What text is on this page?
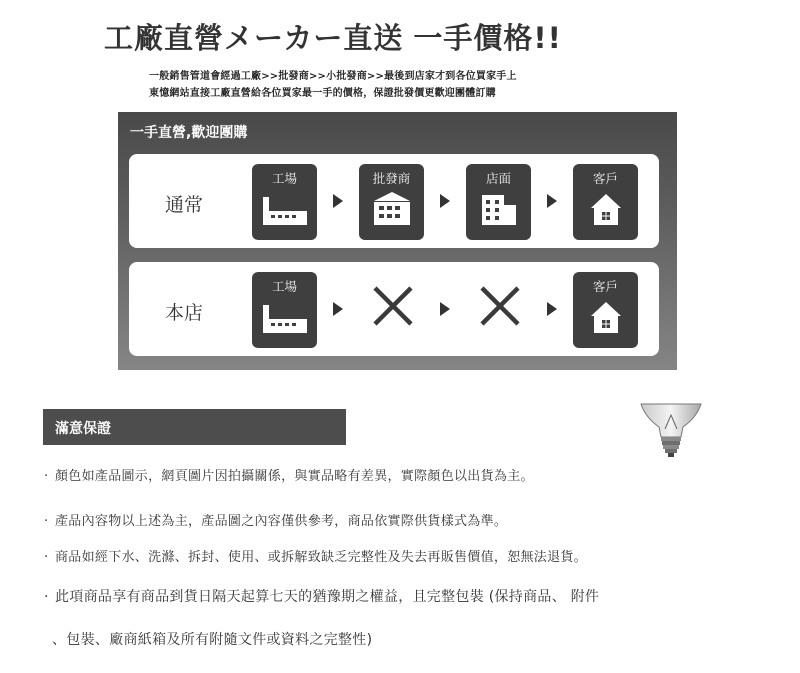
工廠直營メーカー直送 一手價格!!
一般銷售管道會經過工廠>>批發商>>小批發商>>最後到店家才到各位買家手上
東憶網站直接工廠直營給各位買家最一手的價格，保證批發價更歡迎團體訂購
一手直營,歡迎團購
通常
工場	批發商	店面	客戶
本店
工場	客戶
滿意保證
· 顏色如產品圖示，網頁圖片因拍攝關係，與實品略有差異，實際顏色以出貨為主。
· 產品內容物以上述為主，產品圖之內容僅供參考，商品依實際供貨樣式為準。
· 商品如經下水、洗滌、拆封、使用、或拆解致缺乏完整性及失去再販售價值，恕無法退貨。
· 此項商品享有商品到貨日隔天起算七天的猶豫期之權益，且完整包裝 (保持商品、 附件
、包裝、廠商紙箱及所有附隨文件或資料之完整性)
